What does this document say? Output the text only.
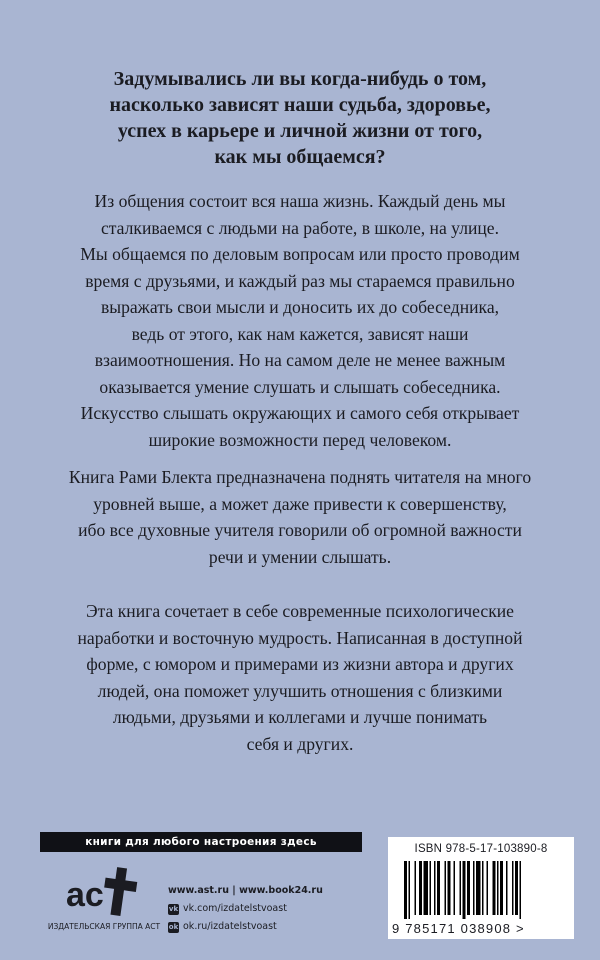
Задумывались ли вы когда-нибудь о том,
насколько зависят наши судьба, здоровье,
успех в карьере и личной жизни от того,
как мы общаемся?
Из общения состоит вся наша жизнь. Каждый день мы
сталкиваемся с людьми на работе, в школе, на улице.
Мы общаемся по деловым вопросам или просто проводим
время с друзьями, и каждый раз мы стараемся правильно
выражать свои мысли и доносить их до собеседника,
ведь от этого, как нам кажется, зависят наши
взаимоотношения. Но на самом деле не менее важным
оказывается умение слушать и слышать собеседника.
Искусство слышать окружающих и самого себя открывает
широкие возможности перед человеком.
Книга Рами Блекта предназначена поднять читателя на много
уровней выше, а может даже привести к совершенству,
ибо все духовные учителя говорили об огромной важности
речи и умении слышать.
Эта книга сочетает в себе современные психологические
наработки и восточную мудрость. Написанная в доступной
форме, с юмором и примерами из жизни автора и других
людей, она поможет улучшить отношения с близкими
людьми, друзьями и коллегами и лучше понимать
себя и других.
книги для любого настроения здесь
ac
ИЗДАТЕЛЬСКАЯ ГРУППА АСТ
www.ast.ru | www.book24.ru
vk vk.com/izdatelstvoast
ok ok.ru/izdatelstvoast
ISBN 978-5-17-103890-8
9 785171 038908 >
